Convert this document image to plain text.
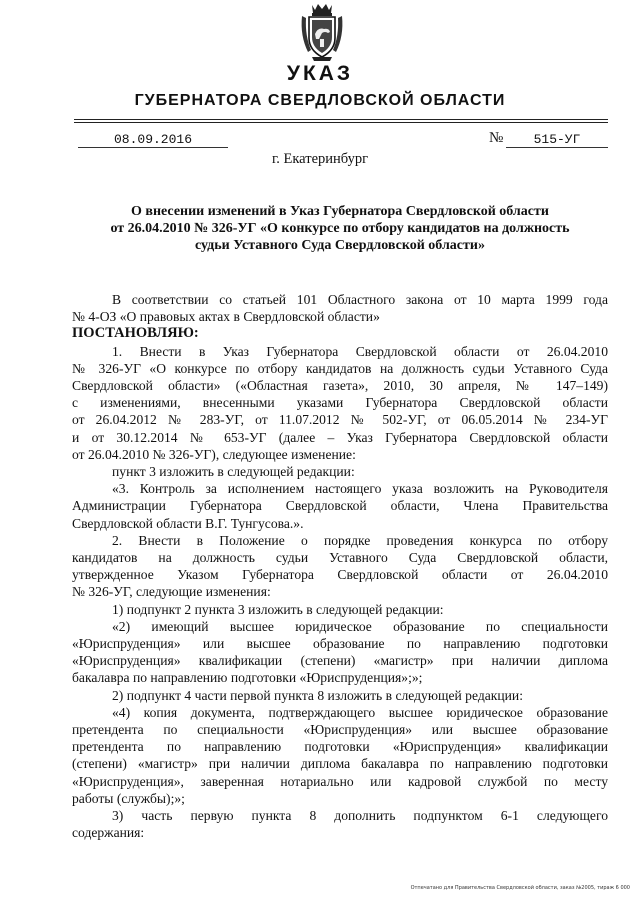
УКАЗ
ГУБЕРНАТОРА СВЕРДЛОВСКОЙ ОБЛАСТИ
08.09.2016	№	515-УГ
г. Екатеринбург
О внесении изменений в Указ Губернатора Свердловской области
от 26.04.2010 № 326-УГ «О конкурсе по отбору кандидатов на должность
судьи Уставного Суда Свердловской области»
В соответствии со статьей 101 Областного закона от 10 марта 1999 года
№ 4-ОЗ «О правовых актах в Свердловской области»
ПОСТАНОВЛЯЮ:
1. Внести в Указ Губернатора Свердловской области от 26.04.2010
№ 326-УГ «О конкурсе по отбору кандидатов на должность судьи Уставного Суда
Свердловской области» («Областная газета», 2010, 30 апреля, № 147–149)
с изменениями, внесенными указами Губернатора Свердловской области
от 26.04.2012 № 283-УГ, от 11.07.2012 № 502-УГ, от 06.05.2014 № 234-УГ
и от 30.12.2014 № 653-УГ (далее – Указ Губернатора Свердловской области
от 26.04.2010 № 326-УГ), следующее изменение:
пункт 3 изложить в следующей редакции:
«3. Контроль за исполнением настоящего указа возложить на Руководителя
Администрации Губернатора Свердловской области, Члена Правительства
Свердловской области В.Г. Тунгусова.».
2. Внести в Положение о порядке проведения конкурса по отбору
кандидатов на должность судьи Уставного Суда Свердловской области,
утвержденное Указом Губернатора Свердловской области от 26.04.2010
№ 326-УГ, следующие изменения:
1) подпункт 2 пункта 3 изложить в следующей редакции:
«2) имеющий высшее юридическое образование по специальности
«Юриспруденция» или высшее образование по направлению подготовки
«Юриспруденция» квалификации (степени) «магистр» при наличии диплома
бакалавра по направлению подготовки «Юриспруденция»;»;
2) подпункт 4 части первой пункта 8 изложить в следующей редакции:
«4) копия документа, подтверждающего высшее юридическое образование
претендента по специальности «Юриспруденция» или высшее образование
претендента по направлению подготовки «Юриспруденция» квалификации
(степени) «магистр» при наличии диплома бакалавра по направлению подготовки
«Юриспруденция», заверенная нотариально или кадровой службой по месту
работы (службы);»;
3) часть первую пункта 8 дополнить подпунктом 6-1 следующего
содержания:
Отпечатано для Правительства Свердловской области, заказ №2005, тираж 6 000
